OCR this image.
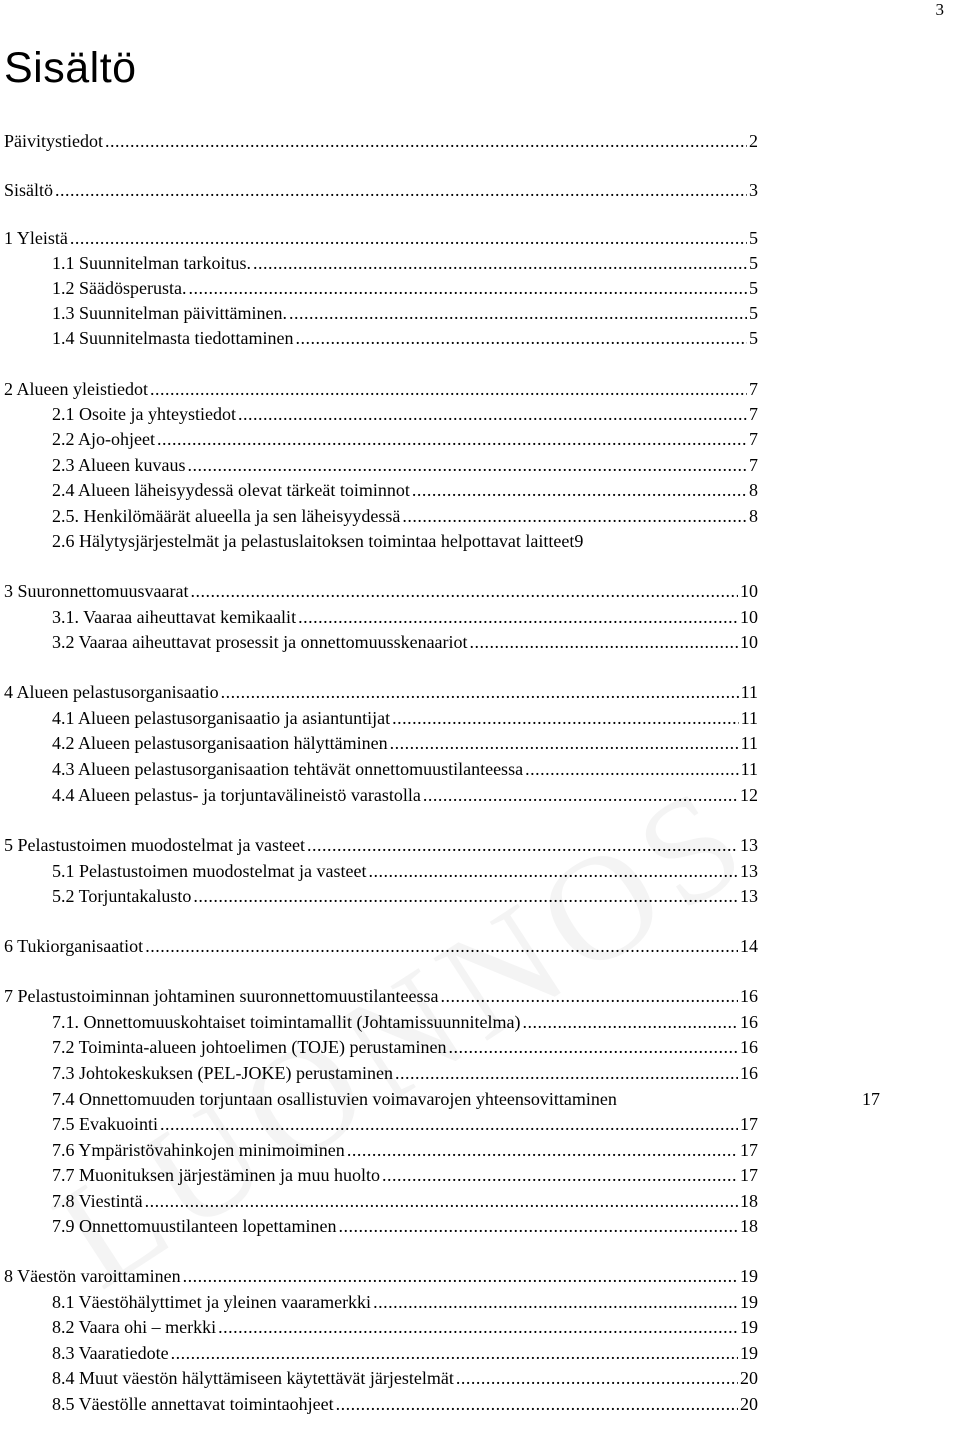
3
Sisältö
Päivitystiedot .....	2
Sisältö .....	3
1 Yleistä .....	5
1.1 Suunnitelman tarkoitus. .....	5
1.2 Säädösperusta. .....	5
1.3 Suunnitelman päivittäminen. .....	5
1.4 Suunnitelmasta tiedottaminen .....	5
2 Alueen yleistiedot .....	7
2.1 Osoite ja yhteystiedot .....	7
2.2 Ajo-ohjeet .....	7
2.3 Alueen kuvaus .....	7
2.4 Alueen läheisyydessä olevat tärkeät toiminnot .....	8
2.5. Henkilömäärät alueella ja sen läheisyydessä .....	8
2.6 Hälytysjärjestelmät ja pelastuslaitoksen toimintaa helpottavat laitteet 9
3 Suuronnettomuusvaarat .....	10
3.1. Vaaraa aiheuttavat kemikaalit .....	10
3.2 Vaaraa aiheuttavat prosessit ja onnettomuusskenaariot .....	10
4 Alueen pelastusorganisaatio .....	11
4.1 Alueen pelastusorganisaatio ja asiantuntijat .....	11
4.2 Alueen pelastusorganisaation hälyttäminen .....	11
4.3 Alueen pelastusorganisaation tehtävät onnettomuustilanteessa .....	11
4.4 Alueen pelastus- ja torjuntavälineistö varastolla .....	12
5 Pelastustoimen muodostelmat ja vasteet .....	13
5.1 Pelastustoimen muodostelmat ja vasteet .....	13
5.2 Torjuntakalusto .....	13
6 Tukiorganisaatiot .....	14
7 Pelastustoiminnan johtaminen suuronnettomuustilanteessa .....	16
7.1. Onnettomuuskohtaiset toimintamallit (Johtamissuunnitelma) .....	16
7.2 Toiminta-alueen johtoelimen (TOJE) perustaminen .....	16
7.3 Johtokeskuksen (PEL-JOKE) perustaminen .....	16
7.4 Onnettomuuden torjuntaan osallistuvien voimavarojen yhteensovittaminen	17
7.5 Evakuointi .....	17
7.6 Ympäristövahinkojen minimoiminen .....	17
7.7 Muonituksen järjestäminen ja muu huolto .....	17
7.8 Viestintä .....	18
7.9 Onnettomuustilanteen lopettaminen .....	18
8 Väestön varoittaminen .....	19
8.1 Väestöhälyttimet ja yleinen vaaramerkki .....	19
8.2 Vaara ohi – merkki .....	19
8.3 Vaaratiedote .....	19
8.4 Muut väestön hälyttämiseen käytettävät järjestelmät .....	20
8.5 Väestölle annettavat toimintaohjeet .....	20
